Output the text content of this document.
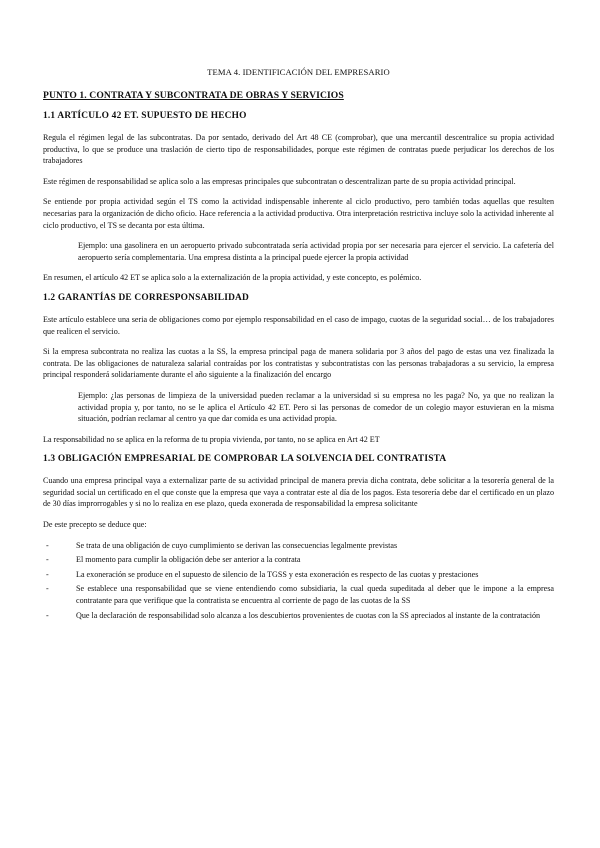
TEMA 4. IDENTIFICACIÓN DEL EMPRESARIO
PUNTO 1. CONTRATA Y SUBCONTRATA DE OBRAS Y SERVICIOS
1.1 ARTÍCULO 42 ET. SUPUESTO DE HECHO

Regula el régimen legal de las subcontratas. Da por sentado, derivado del Art 48 CE (comprobar), que una mercantil descentralice su propia actividad productiva, lo que se produce una traslación de cierto tipo de responsabilidades, porque este régimen de contratas puede perjudicar los derechos de los trabajadores

Este régimen de responsabilidad se aplica solo a las empresas principales que subcontratan o descentralizan parte de su propia actividad principal.

Se entiende por propia actividad según el TS como la actividad indispensable inherente al ciclo productivo, pero también todas aquellas que resulten necesarias para la organización de dicho oficio. Hace referencia a la actividad productiva. Otra interpretación restrictiva incluye solo la actividad inherente al ciclo productivo, el TS se decanta por esta última.

Ejemplo: una gasolinera en un aeropuerto privado subcontratada sería actividad propia por ser necesaria para ejercer el servicio. La cafetería del aeropuerto sería complementaria. Una empresa distinta a la principal puede ejercer la propia actividad

En resumen, el artículo 42 ET se aplica solo a la externalización de la propia actividad, y este concepto, es polémico.

1.2 GARANTÍAS DE CORRESPONSABILIDAD

Este artículo establece una seria de obligaciones como por ejemplo responsabilidad en el caso de impago, cuotas de la seguridad social… de los trabajadores que realicen el servicio.

Si la empresa subcontrata no realiza las cuotas a la SS, la empresa principal paga de manera solidaria por 3 años del pago de estas una vez finalizada la contrata. De las obligaciones de naturaleza salarial contraídas por los contratistas y subcontratistas con las personas trabajadoras a su servicio, la empresa principal responderá solidariamente durante el año siguiente a la finalización del encargo

Ejemplo: ¿las personas de limpieza de la universidad pueden reclamar a la universidad si su empresa no les paga? No, ya que no realizan la actividad propia y, por tanto, no se le aplica el Artículo 42 ET. Pero si las personas de comedor de un colegio mayor estuvieran en la misma situación, podrían reclamar al centro ya que dar comida es una actividad propia.

La responsabilidad no se aplica en la reforma de tu propia vivienda, por tanto, no se aplica en Art 42 ET

1.3 OBLIGACIÓN EMPRESARIAL DE COMPROBAR LA SOLVENCIA DEL CONTRATISTA

Cuando una empresa principal vaya a externalizar parte de su actividad principal de manera previa dicha contrata, debe solicitar a la tesorería general de la seguridad social un certificado en el que conste que la empresa que vaya a contratar este al día de los pagos. Esta tesorería debe dar el certificado en un plazo de 30 días improrrogables y si no lo realiza en ese plazo, queda exonerada de responsabilidad la empresa solicitante

De este precepto se deduce que:

-	Se trata de una obligación de cuyo cumplimiento se derivan las consecuencias legalmente previstas
-	El momento para cumplir la obligación debe ser anterior a la contrata
-	La exoneración se produce en el supuesto de silencio de la TGSS y esta exoneración es respecto de las cuotas y prestaciones
-	Se establece una responsabilidad que se viene entendiendo como subsidiaria, la cual queda supeditada al deber que le impone a la empresa contratante para que verifique que la contratista se encuentra al corriente de pago de las cuotas de la SS
-	Que la declaración de responsabilidad solo alcanza a los descubiertos provenientes de cuotas con la SS apreciados al instante de la contratación
